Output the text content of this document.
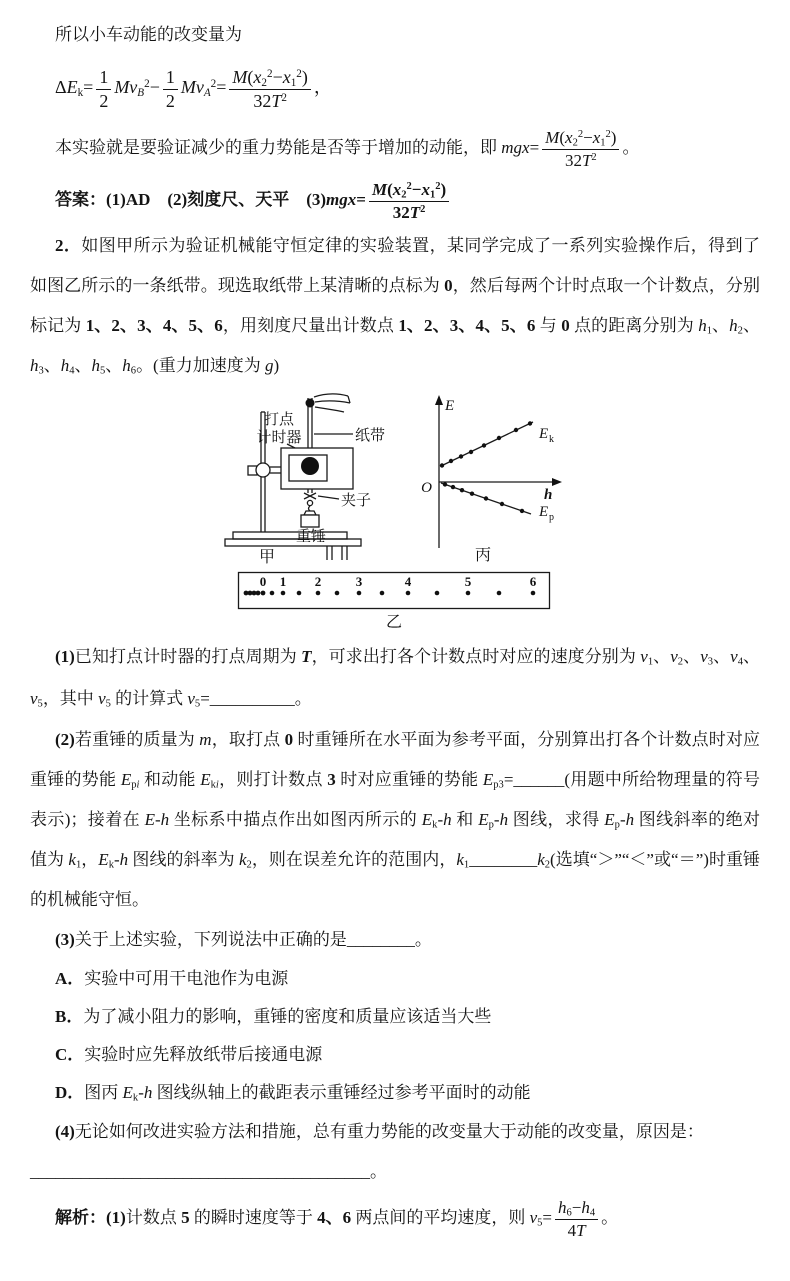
所以小车动能的改变量为

$\Delta E_k= \frac{1}{2} Mv_B^2- \frac{1}{2} Mv_A^2= \frac{M(x_2^2-x_1^2)}{32T^2}$ ，

本实验就是要验证减少的重力势能是否等于增加的动能，即 $mgx= \frac{M(x_2^2-x_1^2)}{32T^2}$ 。

答案：(1)AD　 (2)刻度尺、天平　 $(3)mgx= \frac{M(x_2^2-x_1^2)}{32T^2}$

2．如图甲所示为验证机械能守恒定律的实验装置，某同学完成了一系列实验操作后，得到了如图乙所示的一条纸带。现选取纸带上某清晰的点标为 0，然后每两个计时点取一个计数点，分别标记为 1、2、3、4、5、6，用刻度尺量出计数点 1、2、3、4、5、6 与 0 点的距离分别为 $h_1$、$h_2$、$h_3$、$h_4$、$h_5$、$h_6$。(重力加速度为 g)

打点
计时器	纸带
夹子
重锤
甲
E
h
O
E k
E p
丙
0 1 2	3	4	5	6
乙

(1)已知打点计时器的打点周期为 T，可求出打各个计数点时对应的速度分别为 $v_1$、$v_2$、$v_3$、$v_4$、$v_5$，其中 $v_5$ 的计算式 $v_5=\_\_\_\_\_\_\_\_\_\_$。

(2)若重锤的质量为 m，取打点 0 时重锤所在水平面为参考平面，分别算出打各个计数点时对应重锤的势能 $E_{pi}$ 和动能 $E_{ki}$，则打计数点 3 时对应重锤的势能 $E_{p3}=\_\_\_\_\_\_$(用题中所给物理量的符号表示)；接着在 E-h 坐标系中描点作出如图丙所示的 $E_k-h$ 和 $E_p-h$ 图线，求得 $E_p-h$ 图线斜率的绝对值为 $k_1$，$E_k-h$ 图线的斜率为 $k_2$，则在误差允许的范围内，$k_1\_\_\_\_\_\_\_\_k_2$(选填“＞”“＜”或“＝”)时重锤的机械能守恒。

(3)关于上述实验，下列说法中正确的是________。

A．实验中可用干电池作为电源

B．为了减小阻力的影响，重锤的密度和质量应该适当大些

C．实验时应先释放纸带后接通电源

D．图丙 $E_k-h$ 图线纵轴上的截距表示重锤经过参考平面时的动能

(4)无论如何改进实验方法和措施，总有重力势能的改变量大于动能的改变量，原因是：

________________________________________。

解析：(1)计数点 5 的瞬时速度等于 4、6 两点间的平均速度，则 $v_5= \frac{h_6-h_4}{4T}$ 。
